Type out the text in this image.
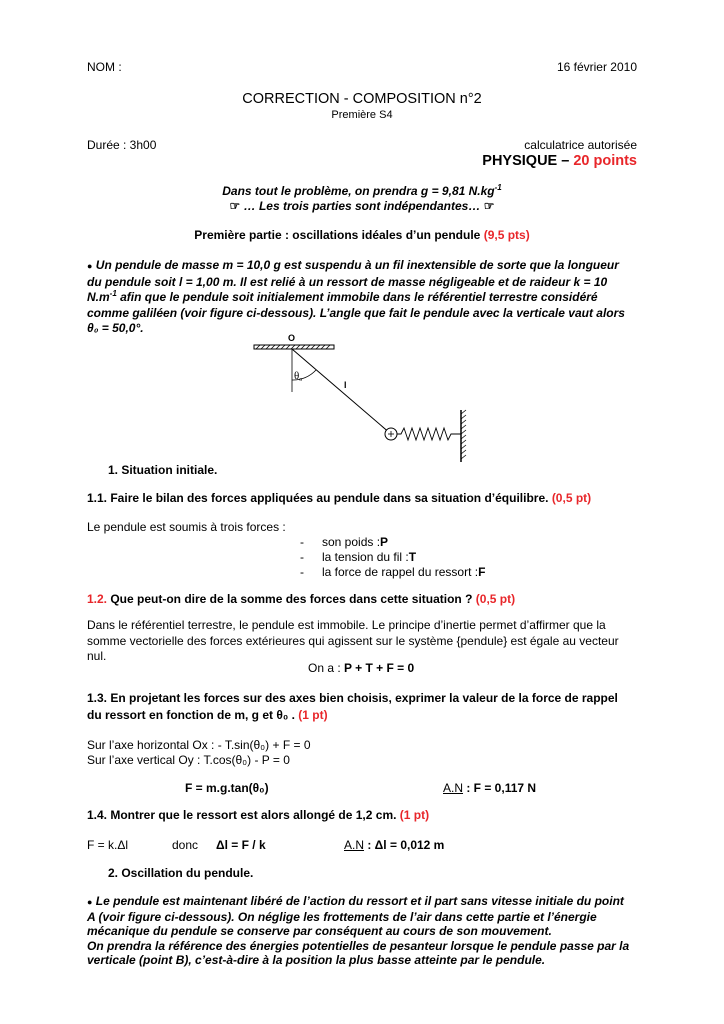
NOM :	16 février 2010
CORRECTION - COMPOSITION n°2
Première S4
Durée : 3h00	calculatrice autorisée
PHYSIQUE – 20 points
Dans tout le problème, on prendra g = 9,81 $N.kg^{-1}$
☞ … Les trois parties sont indépendantes… ☞
Première partie : oscillations idéales d’un pendule (9,5 pts)
● Un pendule de masse m = 10,0 g est suspendu à un fil inextensible de sorte que la longueur
du pendule soit l = 1,00 m. Il est relié à un ressort de masse négligeable et de raideur k = 10
$N.m^{-1}$ afin que le pendule soit initialement immobile dans le référentiel terrestre considéré
comme galiléen (voir figure ci-dessous). L’angle que fait le pendule avec la verticale vaut alors
θ₀ = 50,0°.
O
θo	l
1. Situation initiale.
1.1. Faire le bilan des forces appliquées au pendule dans sa situation d’équilibre. (0,5 pt)
Le pendule est soumis à trois forces :
-	son poids : P
-	la tension du fil : T
-	la force de rappel du ressort : F
1.2. Que peut-on dire de la somme des forces dans cette situation ? (0,5 pt)
Dans le référentiel terrestre, le pendule est immobile. Le principe d’inertie permet d’affirmer que la
somme vectorielle des forces extérieures qui agissent sur le système {pendule} est égale au vecteur
nul.
On a : P + T + F = 0
1.3. En projetant les forces sur des axes bien choisis, exprimer la valeur de la force de rappel
du ressort en fonction de m, g et θ₀ . (1 pt)
Sur l’axe horizontal Ox : - T.sin(θ₀) + F = 0
Sur l’axe vertical Oy : T.cos(θ₀) - P = 0
F = m.g.tan(θ₀)	A.N : F = 0,117 N
1.4. Montrer que le ressort est alors allongé de 1,2 cm. (1 pt)
F = k.Δl	donc Δl = F / k	A.N : Δl = 0,012 m
2. Oscillation du pendule.
● Le pendule est maintenant libéré de l’action du ressort et il part sans vitesse initiale du point
A (voir figure ci-dessous). On néglige les frottements de l’air dans cette partie et l’énergie
mécanique du pendule se conserve par conséquent au cours de son mouvement.
On prendra la référence des énergies potentielles de pesanteur lorsque le pendule passe par la
verticale (point B), c’est-à-dire à la position la plus basse atteinte par le pendule.
